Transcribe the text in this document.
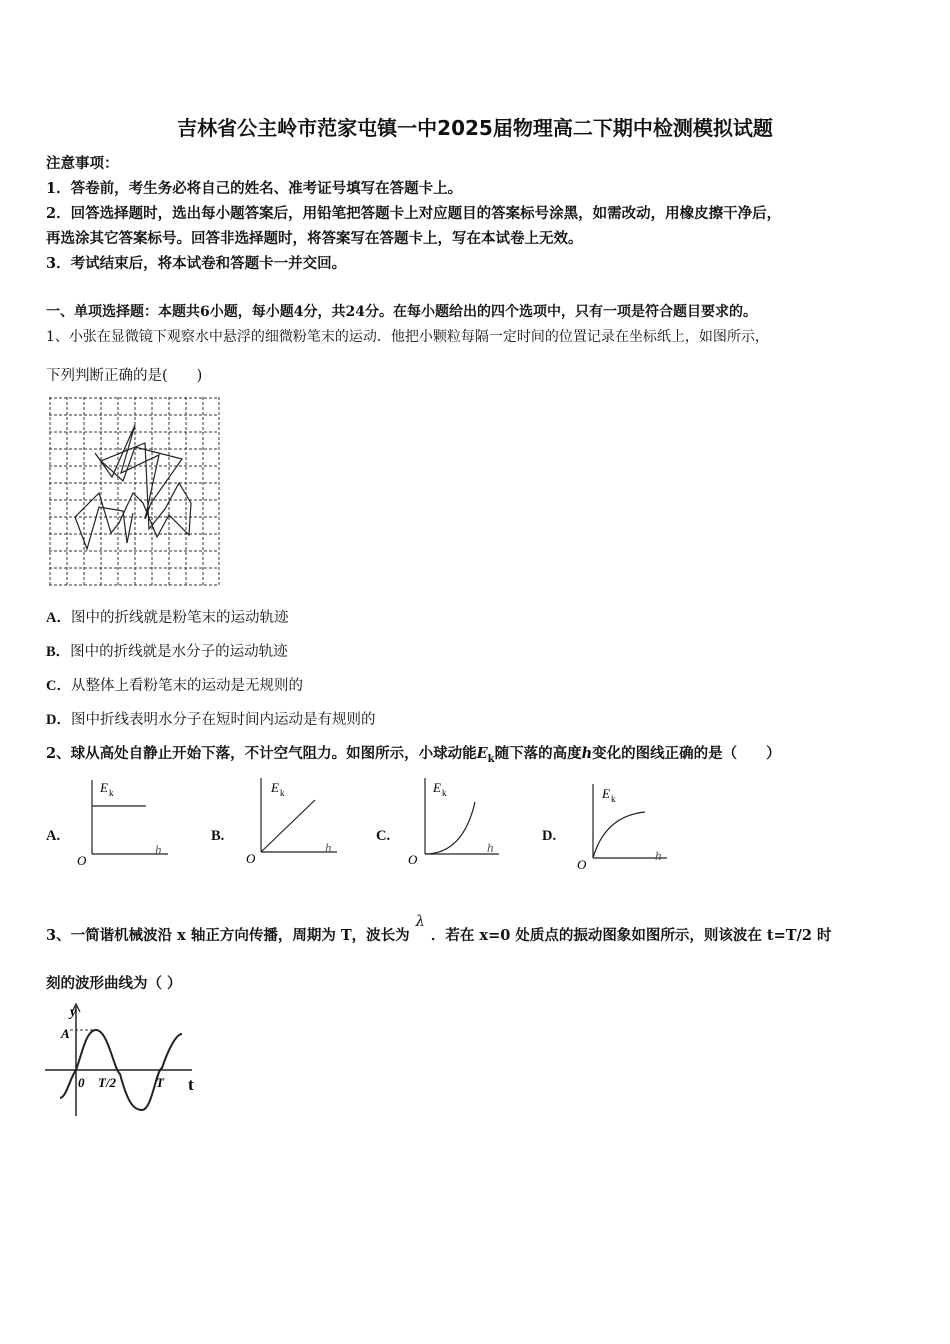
吉林省公主岭市范家屯镇一中2025届物理高二下期中检测模拟试题
注意事项：
1．答卷前，考生务必将自己的姓名、准考证号填写在答题卡上。
2．回答选择题时，选出每小题答案后，用铅笔把答题卡上对应题目的答案标号涂黑，如需改动，用橡皮擦干净后，
再选涂其它答案标号。回答非选择题时，将答案写在答题卡上，写在本试卷上无效。
3．考试结束后，将本试卷和答题卡一并交回。
一、单项选择题：本题共6小题，每小题4分，共24分。在每小题给出的四个选项中，只有一项是符合题目要求的。
1、小张在显微镜下观察水中悬浮的细微粉笔末的运动．他把小颗粒每隔一定时间的位置记录在坐标纸上，如图所示，
下列判断正确的是(　　)
A．图中的折线就是粉笔末的运动轨迹
B．图中的折线就是水分子的运动轨迹
C．从整体上看粉笔末的运动是无规则的
D．图中折线表明水分子在短时间内运动是有规则的
2、球从高处自静止开始下落，不计空气阻力。如图所示，小球动能$E_k$随下落的高度h变化的图线正确的是（　　）
A.
E k
h
O
B.
E k
h
O
C.
E k
h
O
D.
E k
h
O
3、一简谐机械波沿 x 轴正方向传播，周期为 T，波长为λ．若在 x=0 处质点的振动图象如图所示，则该波在 t=T/2 时
刻的波形曲线为（ ）
y
A
0 T/2	T t
